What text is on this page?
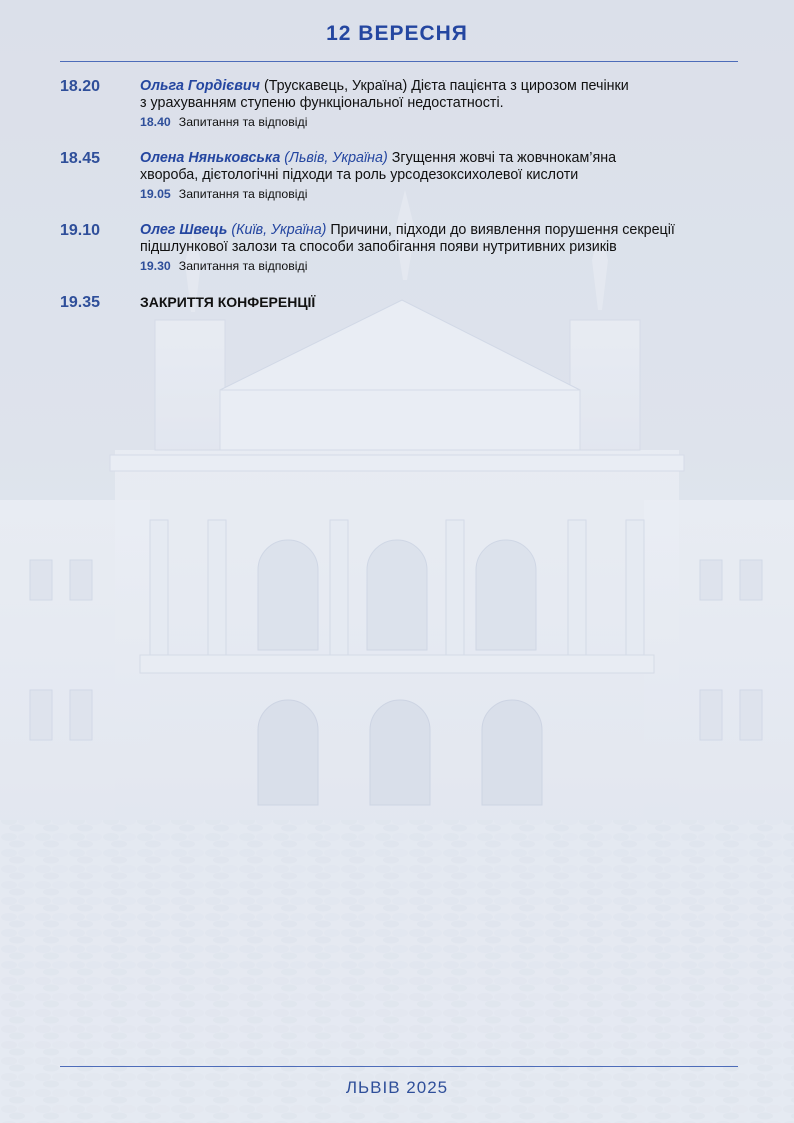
12 ВЕРЕСНЯ
18.20	Ольга Гордієвич (Трускавець, Україна) Дієта пацієнта з цирозом печінки
з урахуванням ступеню функціональної недостатності.
18.40 Запитання та відповіді
18.45	Олена Няньковська (Львів, Україна) Згущення жовчі та жовчнокам’яна
хвороба, дієтологічні підходи та роль урсодезоксихолевої кислоти
19.05 Запитання та відповіді
19.10	Олег Швець (Київ, Україна) Причини, підходи до виявлення порушення секреції
підшлункової залози та способи запобігання появи нутритивних ризиків
19.30 Запитання та відповіді
19.35	ЗАКРИТТЯ КОНФЕРЕНЦІЇ
ЛЬВІВ 2025
